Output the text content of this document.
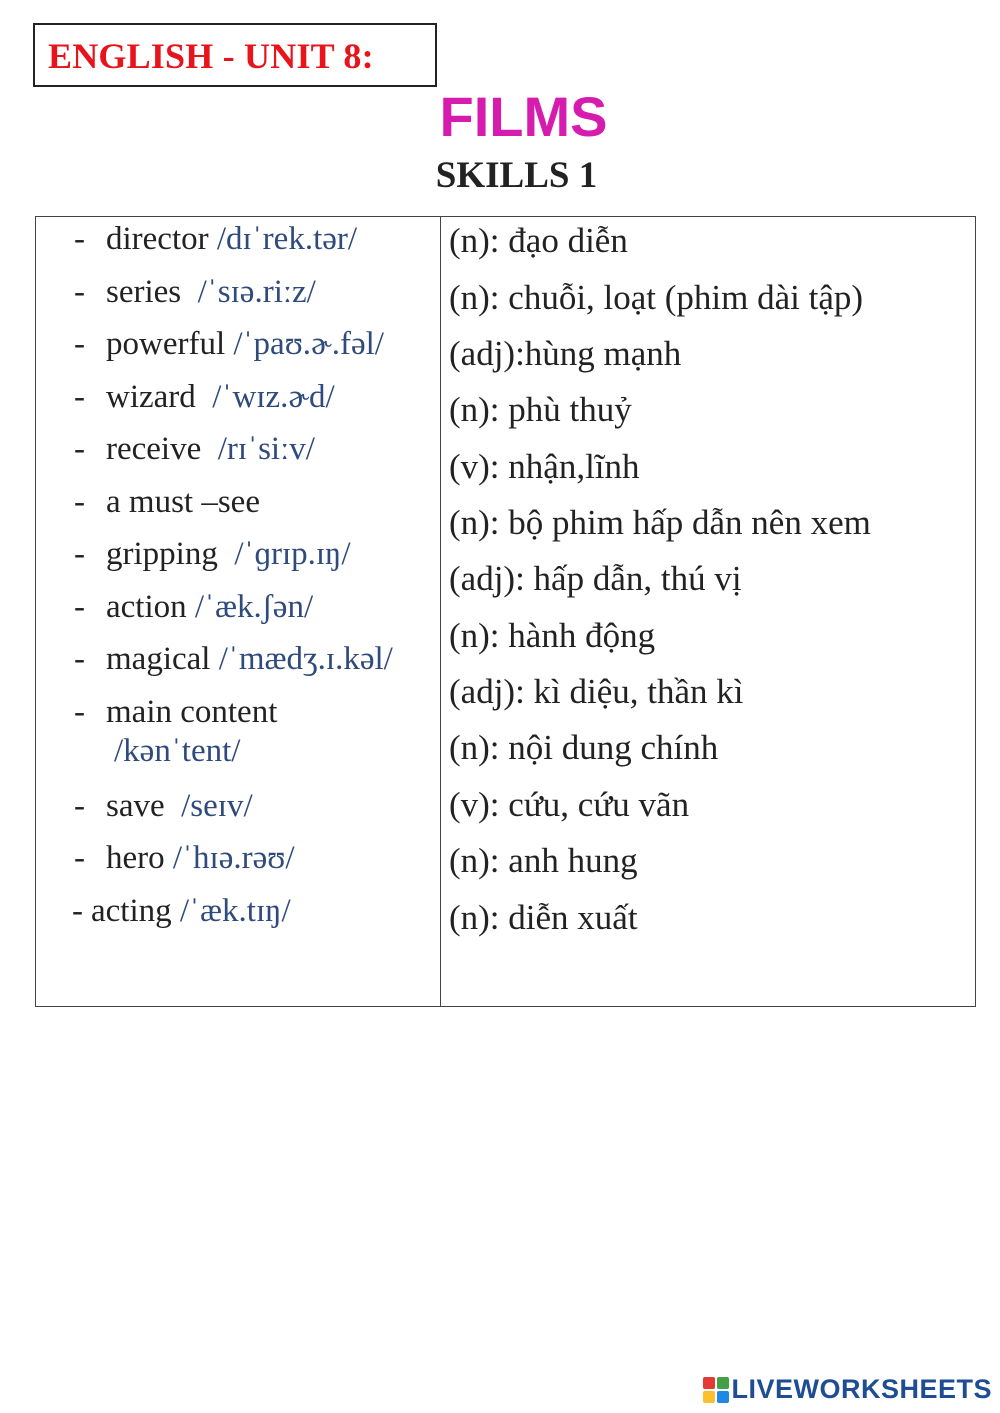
ENGLISH - UNIT 8:
FILMS
SKILLS 1
- director /dɪˈrek.tər/
- series /ˈsɪə.riːz/
- powerful /ˈpaʊ.ɚ.fəl/
- wizard /ˈwɪz.ɚd/
- receive /rɪˈsiːv/
- a must –see
- gripping /ˈɡrɪp.ɪŋ/
- action /ˈæk.ʃən/
- magical /ˈmædʒ.ɪ.kəl/
- main content
/kənˈtent/
- save /seɪv/
- hero /ˈhɪə.rəʊ/
- acting /ˈæk.tɪŋ/
(n): đạo diễn
(n): chuỗi, loạt (phim dài tập)
(adj):hùng mạnh
(n): phù thuỷ
(v): nhận,lĩnh
(n): bộ phim hấp dẫn nên xem
(adj): hấp dẫn, thú vị
(n): hành động
(adj): kì diệu, thần kì
(n): nội dung chính
(v): cứu, cứu vãn
(n): anh hung
(n): diễn xuất
LIVEWORKSHEETS
